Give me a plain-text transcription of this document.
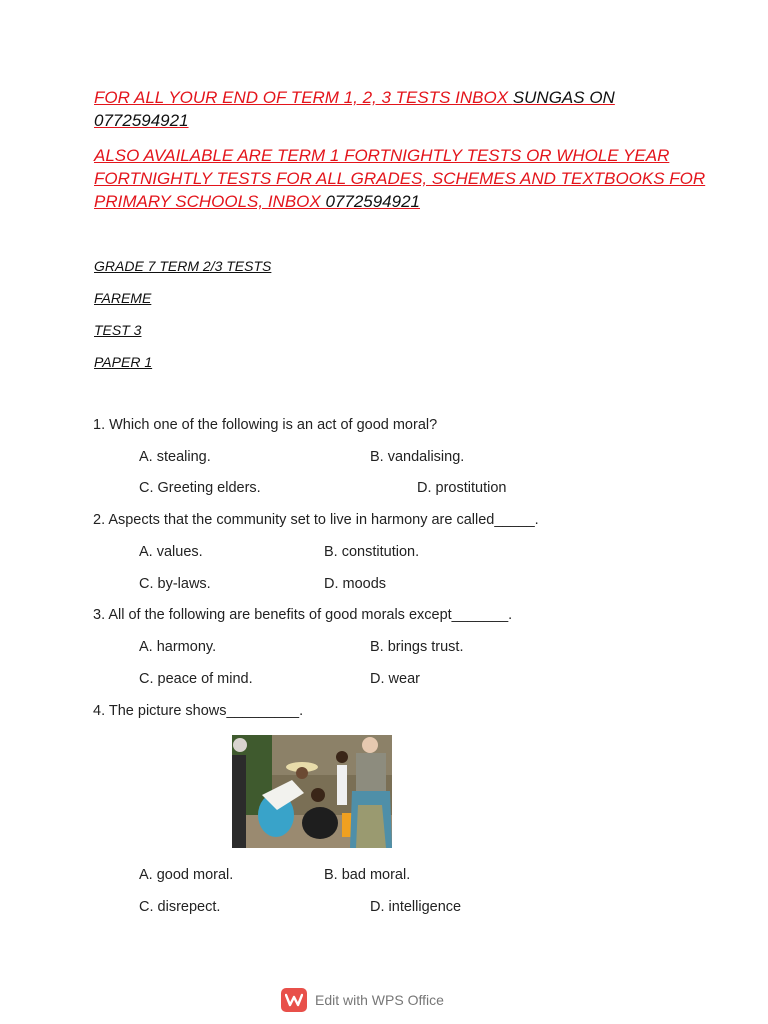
FOR ALL YOUR END OF TERM 1, 2, 3 TESTS INBOX SUNGAS ON 0772594921
ALSO AVAILABLE ARE TERM 1 FORTNIGHTLY TESTS OR WHOLE YEAR FORTNIGHTLY TESTS FOR ALL GRADES, SCHEMES AND TEXTBOOKS FOR PRIMARY SCHOOLS, INBOX 0772594921
GRADE 7 TERM 2/3 TESTS
FAREME
TEST 3
PAPER 1
1. Which one of the following is an act of good moral?
A. stealing.	B. vandalising.
C. Greeting elders.	D. prostitution
2. Aspects that the community set to live in harmony are called_____.
A. values.	B. constitution.
C. by-laws.	D. moods
3. All of the following are benefits of good morals except_______.
A. harmony.	B. brings trust.
C. peace of mind.	D. wear
4. The picture shows_________.
A. good moral.	B. bad moral.
C. disrepect.	D. intelligence
Edit with WPS Office
